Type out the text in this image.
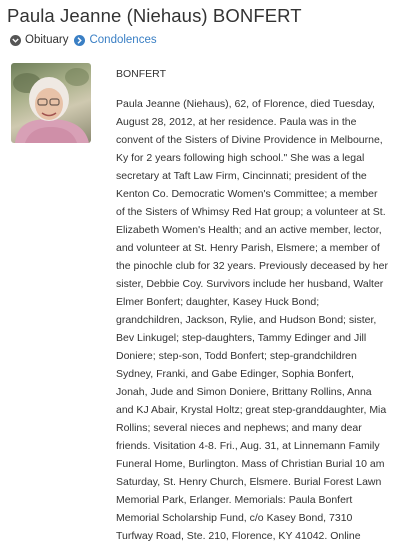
Paula Jeanne (Niehaus) BONFERT
Obituary Condolences
BONFERT

Paula Jeanne (Niehaus), 62, of Florence, died Tuesday, August 28, 2012, at her residence. Paula was in the convent of the Sisters of Divine Providence in Melbourne, Ky for 2 years following high school." She was a legal secretary at Taft Law Firm, Cincinnati; president of the Kenton Co. Democratic Women's Committee; a member of the Sisters of Whimsy Red Hat group; a volunteer at St. Elizabeth Women's Health; and an active member, lector, and volunteer at St. Henry Parish, Elsmere; a member of the pinochle club for 32 years. Previously deceased by her sister, Debbie Coy. Survivors include her husband, Walter Elmer Bonfert; daughter, Kasey Huck Bond; grandchildren, Jackson, Rylie, and Hudson Bond; sister, Bev Linkugel; step-daughters, Tammy Edinger and Jill Doniere; step-son, Todd Bonfert; step-grandchildren Sydney, Franki, and Gabe Edinger, Sophia Bonfert, Jonah, Jude and Simon Doniere, Brittany Rollins, Anna and KJ Abair, Krystal Holtz; great step-granddaughter, Mia Rollins; several nieces and nephews; and many dear friends. Visitation 4-8. Fri., Aug. 31, at Linnemann Family Funeral Home, Burlington. Mass of Christian Burial 10 am Saturday, St. Henry Church, Elsmere. Burial Forest Lawn Memorial Park, Erlanger. Memorials: Paula Bonfert Memorial Scholarship Fund, c/o Kasey Bond, 7310 Turfway Road, Ste. 210, Florence, KY 41042. Online
